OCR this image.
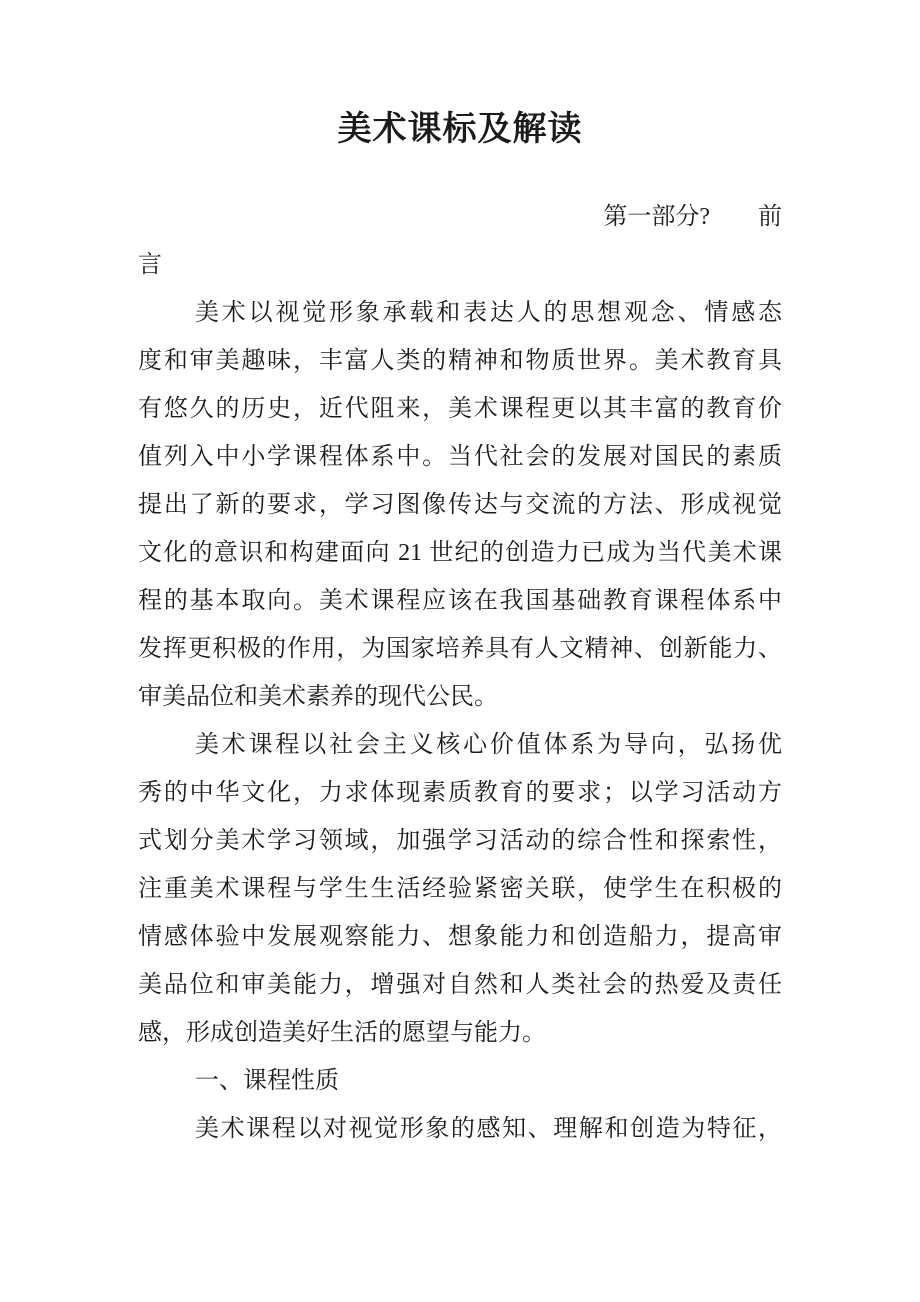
美术课标及解读
第一部分?　　前
言
美术以视觉形象承载和表达人的思想观念、情感态
度和审美趣味，丰富人类的精神和物质世界。美术教育具
有悠久的历史，近代阻来，美术课程更以其丰富的教育价
值列入中小学课程体系中。当代社会的发展对国民的素质
提出了新的要求，学习图像传达与交流的方法、形成视觉
文化的意识和构建面向 21 世纪的创造力已成为当代美术课
程的基本取向。美术课程应该在我国基础教育课程体系中
发挥更积极的作用，为国家培养具有人文精神、创新能力、
审美品位和美术素养的现代公民。
美术课程以社会主义核心价值体系为导向，弘扬优
秀的中华文化，力求体现素质教育的要求；以学习活动方
式划分美术学习领域，加强学习活动的综合性和探索性，
注重美术课程与学生生活经验紧密关联，使学生在积极的
情感体验中发展观察能力、想象能力和创造船力，提高审
美品位和审美能力，增强对自然和人类社会的热爱及责任
感，形成创造美好生活的愿望与能力。
一、课程性质
美术课程以对视觉形象的感知、理解和创造为特征，
